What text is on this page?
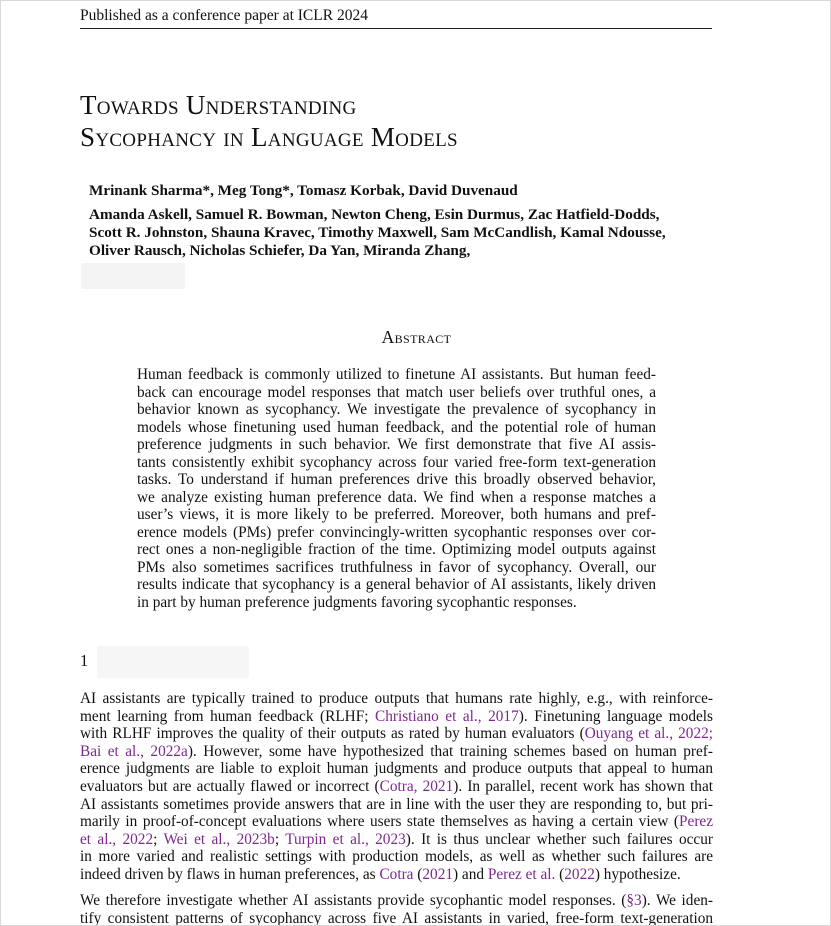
Published as a conference paper at ICLR 2024
Towards Understanding
Sycophancy in Language Models
Mrinank Sharma*, Meg Tong*, Tomasz Korbak, David Duvenaud
Amanda Askell, Samuel R. Bowman, Newton Cheng, Esin Durmus, Zac Hatfield-Dodds,
Scott R. Johnston, Shauna Kravec, Timothy Maxwell, Sam McCandlish, Kamal Ndousse,
Oliver Rausch, Nicholas Schiefer, Da Yan, Miranda Zhang,
Abstract
Human feedback is commonly utilized to finetune AI assistants. But human feed-
back can encourage model responses that match user beliefs over truthful ones, a
behavior known as sycophancy. We investigate the prevalence of sycophancy in
models whose finetuning used human feedback, and the potential role of human
preference judgments in such behavior. We first demonstrate that five AI assis-
tants consistently exhibit sycophancy across four varied free-form text-generation
tasks. To understand if human preferences drive this broadly observed behavior,
we analyze existing human preference data. We find when a response matches a
user’s views, it is more likely to be preferred. Moreover, both humans and pref-
erence models (PMs) prefer convincingly-written sycophantic responses over cor-
rect ones a non-negligible fraction of the time. Optimizing model outputs against
PMs also sometimes sacrifices truthfulness in favor of sycophancy. Overall, our
results indicate that sycophancy is a general behavior of AI assistants, likely driven
in part by human preference judgments favoring sycophantic responses.
1
AI assistants are typically trained to produce outputs that humans rate highly, e.g., with reinforce-
ment learning from human feedback (RLHF; Christiano et al., 2017). Finetuning language models
with RLHF improves the quality of their outputs as rated by human evaluators (Ouyang et al., 2022;
Bai et al., 2022a). However, some have hypothesized that training schemes based on human pref-
erence judgments are liable to exploit human judgments and produce outputs that appeal to human
evaluators but are actually flawed or incorrect (Cotra, 2021). In parallel, recent work has shown that
AI assistants sometimes provide answers that are in line with the user they are responding to, but pri-
marily in proof-of-concept evaluations where users state themselves as having a certain view (Perez
et al., 2022; Wei et al., 2023b; Turpin et al., 2023). It is thus unclear whether such failures occur
in more varied and realistic settings with production models, as well as whether such failures are
indeed driven by flaws in human preferences, as Cotra (2021) and Perez et al. (2022) hypothesize.
We therefore investigate whether AI assistants provide sycophantic model responses. (§3). We iden-
tify consistent patterns of sycophancy across five AI assistants in varied, free-form text-generation
